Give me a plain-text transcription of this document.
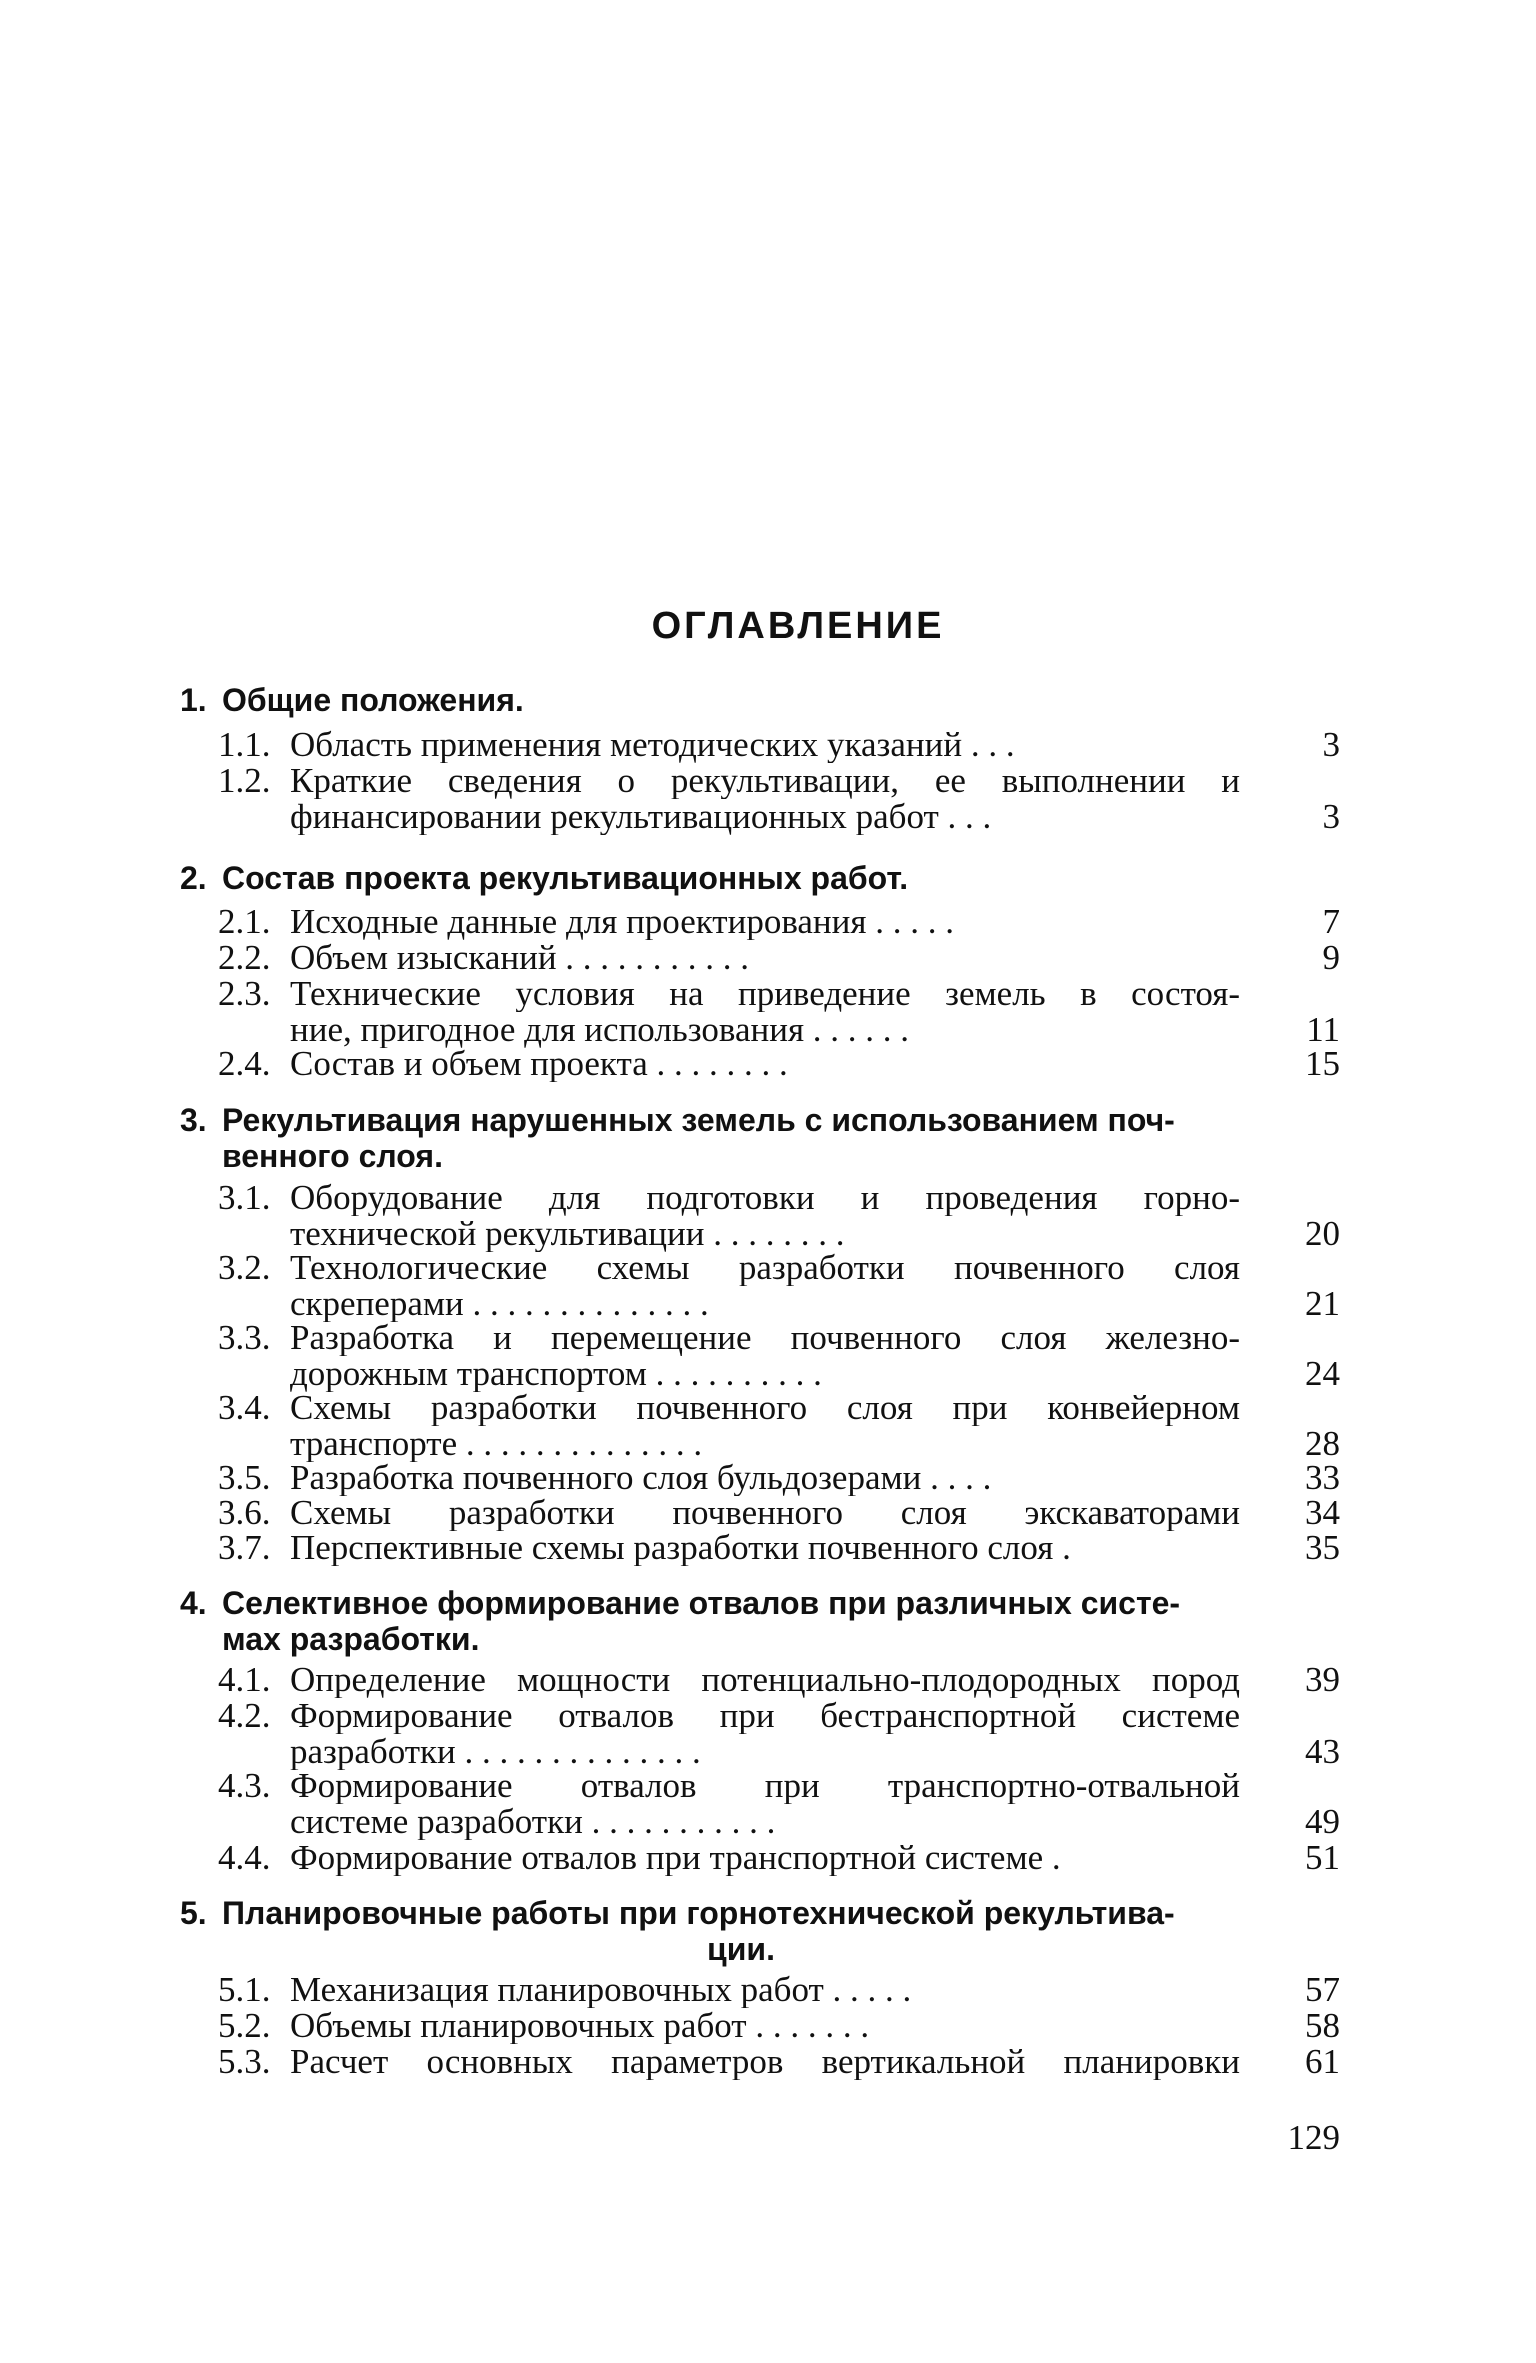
ОГЛАВЛЕНИЕ
1. Общие положения.
1.1. Область применения методических указаний . . .	3
1.2. Краткие сведения о рекультивации, ее выполнении и
финансировании рекультивационных работ . . .	3
2. Состав проекта рекультивационных работ.
2.1. Исходные данные для проектирования . . . . .	7
2.2. Объем изысканий . . . . . . . . . . .	9
2.3. Технические условия на приведение земель в состоя-
ние, пригодное для использования . . . . . .	11
2.4. Состав и объем проекта . . . . . . . .	15
3. Рекультивация нарушенных земель с использованием поч-
венного слоя.
3.1. Оборудование для подготовки и проведения горно-
технической рекультивации . . . . . . . .	20
3.2. Технологические схемы разработки почвенного слоя
скреперами . . . . . . . . . . . . . .	21
3.3. Разработка и перемещение почвенного слоя железно-
дорожным транспортом . . . . . . . . . .	24
3.4. Схемы разработки почвенного слоя при конвейерном
транспорте . . . . . . . . . . . . . .	28
3.5. Разработка почвенного слоя бульдозерами . . . .	33
3.6. Схемы разработки почвенного слоя экскаваторами 34
3.7. Перспективные схемы разработки почвенного слоя .	35
4. Селективное формирование отвалов при различных систе-
мах разработки.
4.1. Определение мощности потенциально-плодородных пород 39
4.2. Формирование отвалов при бестранспортной системе
разработки . . . . . . . . . . . . . .	43
4.3. Формирование отвалов при транспортно-отвальной
системе разработки . . . . . . . . . . .	49
4.4. Формирование отвалов при транспортной системе .	51
5. Планировочные работы при горнотехнической рекультива-
ции.
5.1. Механизация планировочных работ . . . . .	57
5.2. Объемы планировочных работ . . . . . . .	58
5.3. Расчет основных параметров вертикальной планировки 61
129
